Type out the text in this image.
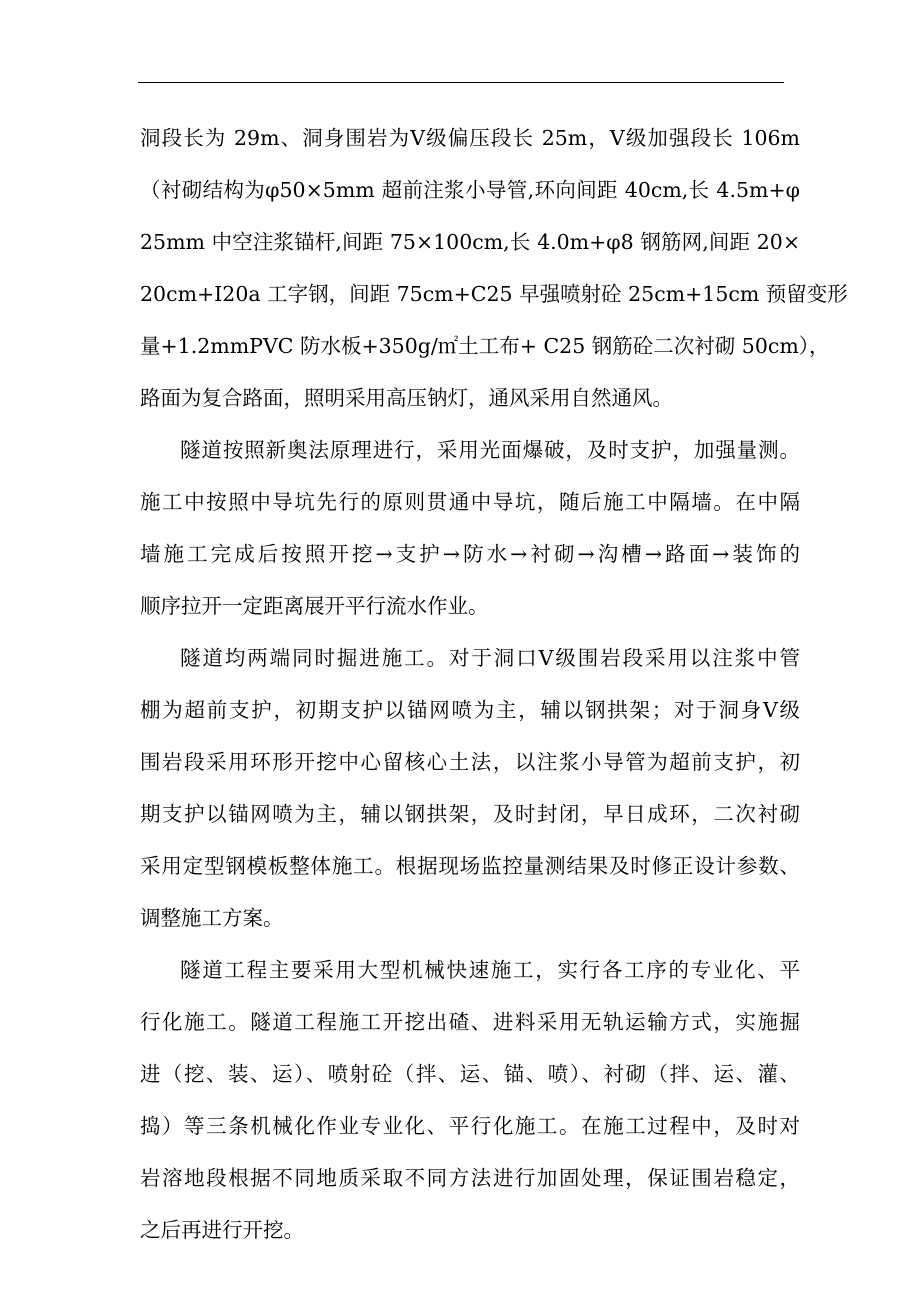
洞段长为 29m、洞身围岩为Ⅴ级偏压段长 25m，Ⅴ级加强段长 106m
（衬砌结构为φ50×5mm 超前注浆小导管,环向间距 40cm,长 4.5m+φ
25mm 中空注浆锚杆,间距 75×100cm,长 4.0m+φ8 钢筋网,间距 20×
20cm+I20a 工字钢，间距 75cm+C25 早强喷射砼 25cm+15cm 预留变形
量+1.2mmPVC 防水板+350g/㎡土工布+ C25 钢筋砼二次衬砌 50cm），
路面为复合路面，照明采用高压钠灯，通风采用自然通风。
隧道按照新奥法原理进行，采用光面爆破，及时支护，加强量测。
施工中按照中导坑先行的原则贯通中导坑，随后施工中隔墙。在中隔
墙施工完成后按照开挖→支护→防水→衬砌→沟槽→路面→装饰的
顺序拉开一定距离展开平行流水作业。
隧道均两端同时掘进施工。对于洞口Ⅴ级围岩段采用以注浆中管
棚为超前支护，初期支护以锚网喷为主，辅以钢拱架；对于洞身Ⅴ级
围岩段采用环形开挖中心留核心土法，以注浆小导管为超前支护，初
期支护以锚网喷为主，辅以钢拱架，及时封闭，早日成环，二次衬砌
采用定型钢模板整体施工。根据现场监控量测结果及时修正设计参数、
调整施工方案。
隧道工程主要采用大型机械快速施工，实行各工序的专业化、平
行化施工。隧道工程施工开挖出碴、进料采用无轨运输方式，实施掘
进（挖、装、运）、喷射砼（拌、运、锚、喷）、衬砌（拌、运、灌、
捣）等三条机械化作业专业化、平行化施工。在施工过程中，及时对
岩溶地段根据不同地质采取不同方法进行加固处理，保证围岩稳定，
之后再进行开挖。
